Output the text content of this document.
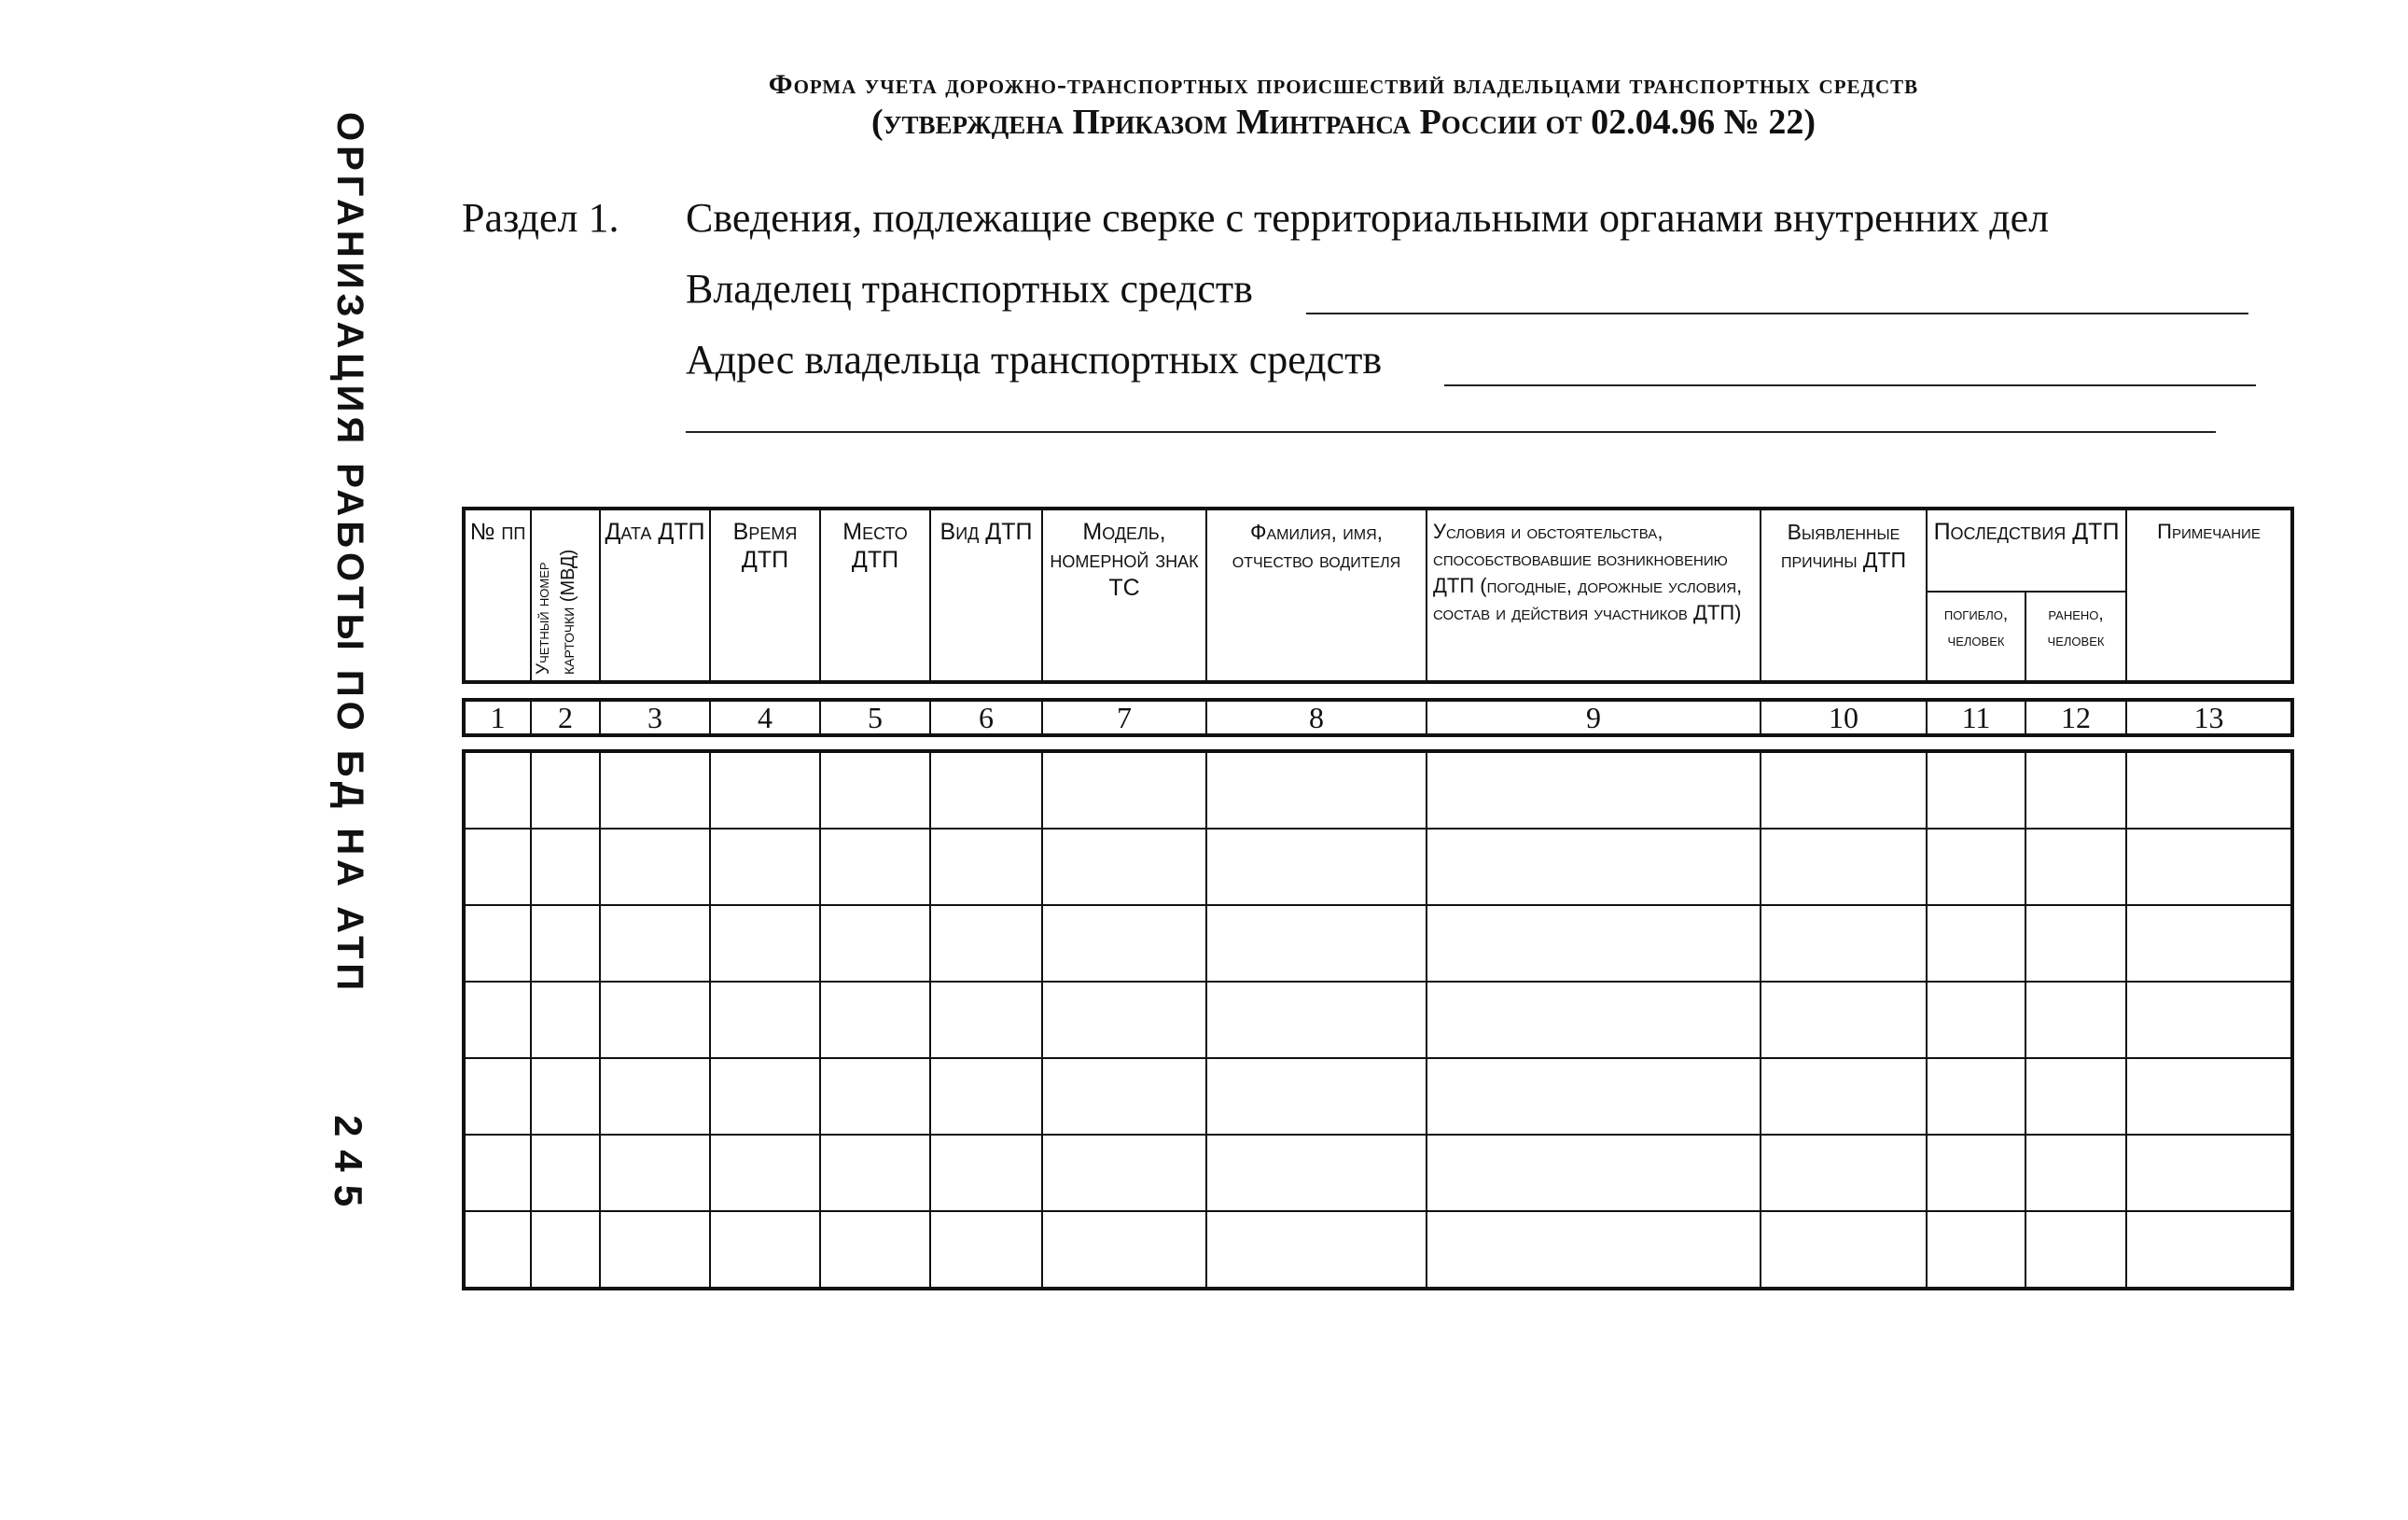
ОРГАНИЗАЦИЯ РАБОТЫ ПО БД НА АТП
245
Форма учета дорожно-транспортных происшествий владельцами транспортных средств
(утверждена Приказом Минтранса России от 02.04.96 № 22)
Раздел 1. Сведения, подлежащие сверке с территориальными органами внутренних дел
Владелец транспортных средств
Адрес владельца транспортных средств
№ пп	Учетный номер карточки (МВД)	Дата ДТП	Время ДТП	Место ДТП	Вид ДТП	Модель, номерной знак ТС	Фамилия, имя, отчество водителя	Условия и обстоятельства, способствовавшие возникновению ДТП (погодные, дорожные условия, состав и действия участников ДТП)	Выявленные причины ДТП	Последствия ДТП		Примечание
										погибло, человек	ранено, человек	
1	2	3	4	5	6	7	8	9	10	11	12	13
